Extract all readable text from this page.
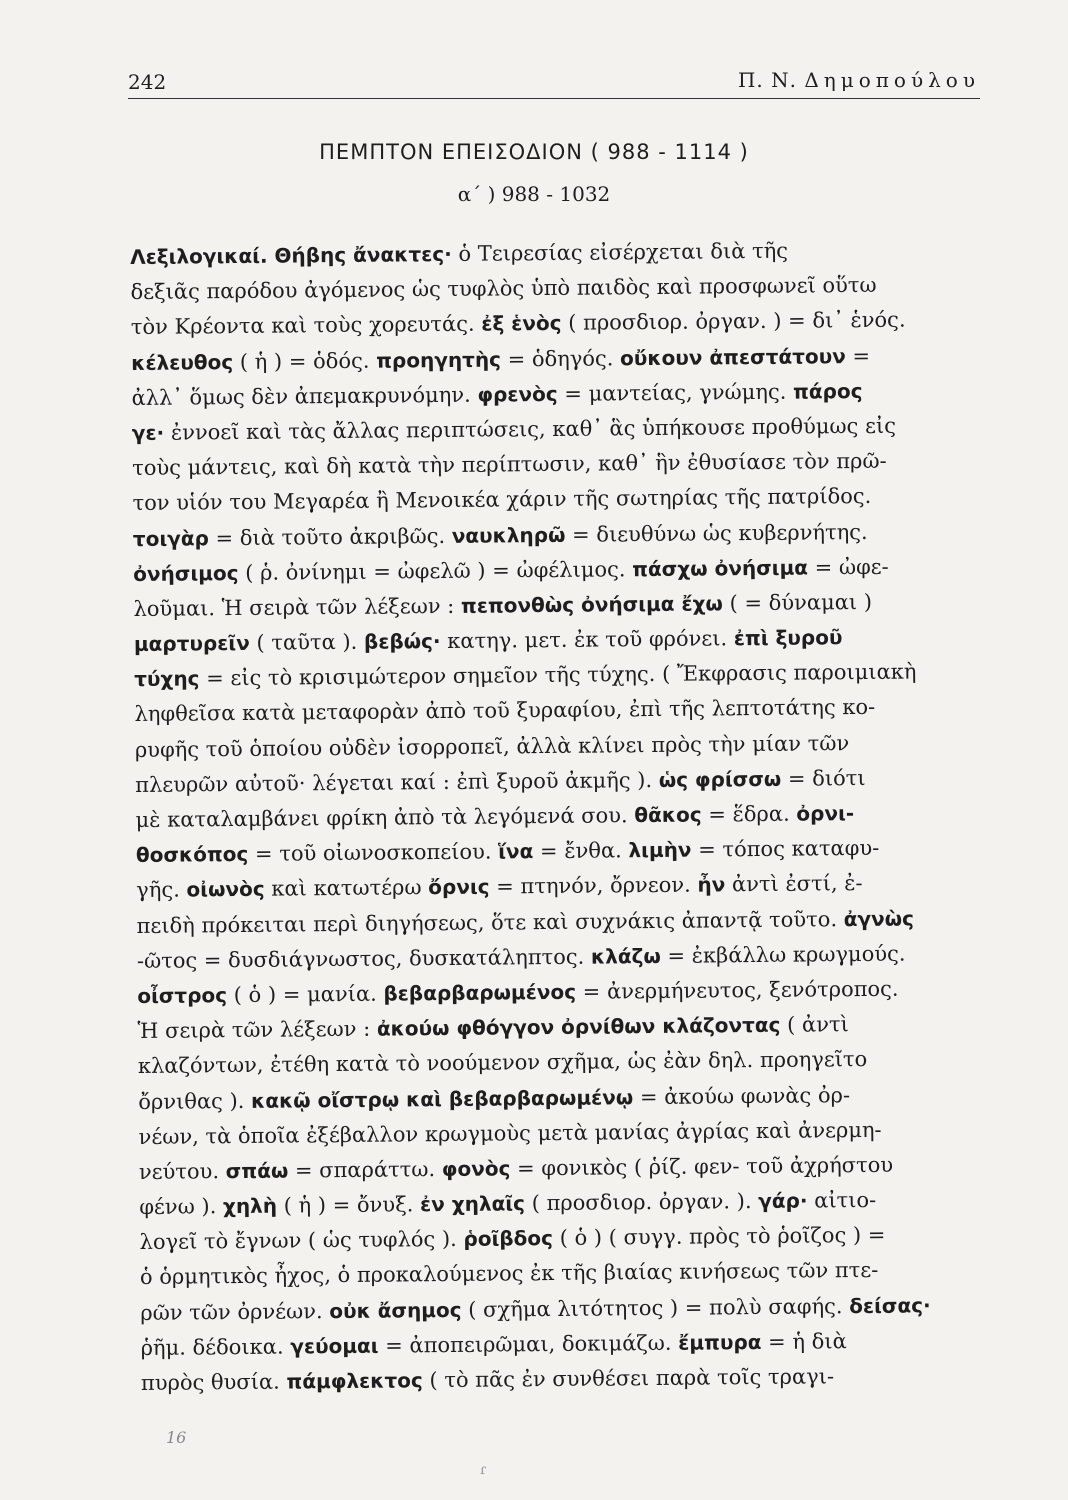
242	Π. Ν. Δημοπούλου
ΠΕΜΠΤΟΝ ΕΠΕΙΣΟΔΙΟΝ ( 988 - 1114 )
α΄ ) 988 - 1032
Λεξιλογικαί. Θήβης ἄνακτες· ὁ Τειρεσίας εἰσέρχεται διὰ τῆς
δεξιᾶς παρόδου ἀγόμενος ὡς τυφλὸς ὑπὸ παιδὸς καὶ προσφωνεῖ οὕτω
τὸν Κρέοντα καὶ τοὺς χορευτάς. ἐξ ἑνὸς ( προσδιορ. ὀργαν. ) = δι᾽ ἑνός.
κέλευθος ( ἡ ) = ὁδός. προηγητὴς = ὁδηγός. οὔκουν ἀπεστάτουν =
ἀλλ᾽ ὅμως δὲν ἀπεμακρυνόμην. φρενὸς = μαντείας, γνώμης. πάρος
γε· ἐννοεῖ καὶ τὰς ἄλλας περιπτώσεις, καθ᾽ ἃς ὑπήκουσε προθύμως εἰς
τοὺς μάντεις, καὶ δὴ κατὰ τὴν περίπτωσιν, καθ᾽ ἣν ἐθυσίασε τὸν πρῶ-
τον υἱόν του Μεγαρέα ἢ Μενοικέα χάριν τῆς σωτηρίας τῆς πατρίδος.
τοιγὰρ = διὰ τοῦτο ἀκριβῶς. ναυκληρῶ = διευθύνω ὡς κυβερνήτης.
ὀνήσιμος ( ῥ. ὀνίνημι = ὠφελῶ ) = ὠφέλιμος. πάσχω ὀνήσιμα = ὠφε-
λοῦμαι. Ἡ σειρὰ τῶν λέξεων : πεπονθὼς ὀνήσιμα ἔχω ( = δύναμαι )
μαρτυρεῖν ( ταῦτα ). βεβώς· κατηγ. μετ. ἐκ τοῦ φρόνει. ἐπὶ ξυροῦ
τύχης = εἰς τὸ κρισιμώτερον σημεῖον τῆς τύχης. ( Ἔκφρασις παροιμιακὴ
ληφθεῖσα κατὰ μεταφορὰν ἀπὸ τοῦ ξυραφίου, ἐπὶ τῆς λεπτοτάτης κο-
ρυφῆς τοῦ ὁποίου οὐδὲν ἰσορροπεῖ, ἀλλὰ κλίνει πρὸς τὴν μίαν τῶν
πλευρῶν αὐτοῦ· λέγεται καί : ἐπὶ ξυροῦ ἀκμῆς ). ὡς φρίσσω = διότι
μὲ καταλαμβάνει φρίκη ἀπὸ τὰ λεγόμενά σου. θᾶκος = ἕδρα. ὀρνι-
θοσκόπος = τοῦ οἰωνοσκοπείου. ἵνα = ἔνθα. λιμὴν = τόπος καταφυ-
γῆς. οἰωνὸς καὶ κατωτέρω ὄρνις = πτηνόν, ὄρνεον. ἦν ἀντὶ ἐστί, ἐ-
πειδὴ πρόκειται περὶ διηγήσεως, ὅτε καὶ συχνάκις ἀπαντᾷ τοῦτο. ἀγνὼς
-ῶτος = δυσδιάγνωστος, δυσκατάληπτος. κλάζω = ἐκβάλλω κρωγμούς.
οἶστρος ( ὁ ) = μανία. βεβαρβαρωμένος = ἀνερμήνευτος, ξενότροπος.
Ἡ σειρὰ τῶν λέξεων : ἀκούω φθόγγον ὀρνίθων κλάζοντας ( ἀντὶ
κλαζόντων, ἐτέθη κατὰ τὸ νοούμενον σχῆμα, ὡς ἐὰν δηλ. προηγεῖτο
ὄρνιθας ). κακῷ οἴστρῳ καὶ βεβαρβαρωμένῳ = ἀκούω φωνὰς ὀρ-
νέων, τὰ ὁποῖα ἐξέβαλλον κρωγμοὺς μετὰ μανίας ἀγρίας καὶ ἀνερμη-
νεύτου. σπάω = σπαράττω. φονὸς = φονικὸς ( ῥίζ. φεν- τοῦ ἀχρήστου
φένω ). χηλὴ ( ἡ ) = ὄνυξ. ἐν χηλαῖς ( προσδιορ. ὀργαν. ). γάρ· αἰτιο-
λογεῖ τὸ ἔγνων ( ὡς τυφλός ). ῥοῖβδος ( ὁ ) ( συγγ. πρὸς τὸ ῥοῖζος ) =
ὁ ὁρμητικὸς ἦχος, ὁ προκαλούμενος ἐκ τῆς βιαίας κινήσεως τῶν πτε-
ρῶν τῶν ὀρνέων. οὐκ ἄσημος ( σχῆμα λιτότητος ) = πολὺ σαφής. δείσας·
ῥῆμ. δέδοικα. γεύομαι = ἀποπειρῶμαι, δοκιμάζω. ἔμπυρα = ἡ διὰ
πυρὸς θυσία. πάμφλεκτος ( τὸ πᾶς ἐν συνθέσει παρὰ τοῖς τραγι-
16
ɾ
